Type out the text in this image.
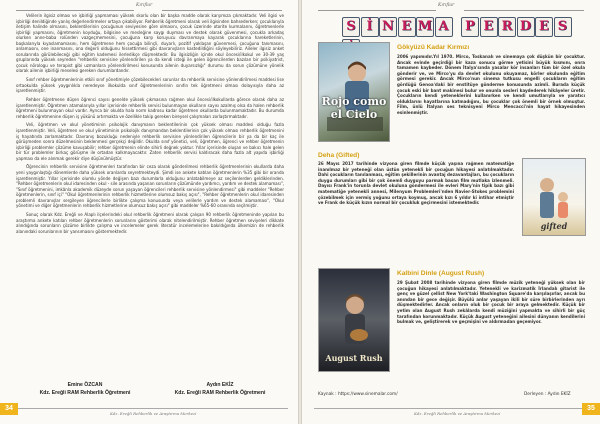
Kırıflar

Velilerin ilgisiz olması ve işbirliği yapmaması yüksek skorlu olan bir başka madde olarak karşımıza çıkmaktadır. Veli ilgisi ve işbirliği denildiğinde yanlış değerlendirmeler ortaya çıkabiliyor. Rehberlik öğretmeni olarak veli ilgisinden bahsederken; çocuklarıyla iletişim halinde olmasını, beklentilerinin çocuğunun seviyesine göre olmasını, çocuk üzerinde otorite kurmalarını, öğretmenlerle işbirliği yapmasını, öğretmenin koyduğu, bilgisine ve mesleğine saygı duyması ve destek olarak güvenmesi, çocukla arkadaş olurken anne-baba rolünden vazgeçmemesini, çocuğuna karşı koruyucu davranmaya kayarak çocuklarına hareketlerinin, başkalarıyla kıyaslamamasını, hem öğretmene hem çocuğa bilinçli, duyarlı, pozitif yaklaşan güvenmesi, çocuğuna tanımasını, anlamasını, one inanmasını, ona değerli olduğunu hissettirmesi gibi davranışların kastedildiğini söyleyebiliriz. Aileler ilgisiz anket sorularında görülebileceği gibi eğitim kademesi ilerledikçe düşmektedir. Bu ilgisizliğin içinde okul öncesi/ilkokul ve 30-39 yaş gruplarında yüksek seyreden "rehberlik servisine yönlendirilen ya da kendi isteği ile gelen öğrencilerden bazıları bir psikiyatrist, çocuk nörologu ve terapist gibi uzmanlara yönlendirilmesi konusunda ailenin duyarsızlığı" durumu da sorun çözümüne yönelik olarak ailenin işbirliği meselesi gereken durumlardandır.

Sınıf rehber öğretmenlerinin etkili sınıf yönetimiyle çözebilecekleri sorunlar da rehberlik servisine yönlendirilmesi maddesi lise ortaokulda yüksek yaygınlıkla neredeyse ilkokulda sınıf öğretmenlerinin sınıfın tek öğretmeni olması dolayısıyla daha az işaretlenmiştir.

Rehber öğretmene düşen öğrenci sayısı genelde yüksek çıkmasına rağmen okul öncesi/ilkokullarda görece olarak daha az işaretlenmiştir. Öğretmen atamalarıyla yıllar içerisinde rehberlik servisi bulunmayan okulların sayısı azalmış olsa da halen rehberlik öğretmeni bulunmayan okul vardır. Ayrıca bir okulda hala norm kadrosu kadar öğretmen okullarda bulunmamaktadır. Bu durumda rehberlik öğretmenine düşen iş yükünü artırmakta ve özellikle takip gereken bireysel çalışmaları zorlaştırmaktadır.

Veli, öğretmen ve okul yönetiminin psikolojik danışmanın beklentilerinin çok yüksek olması maddesi olduğu fazla işaretlenmiştir. Veli, öğretmen ve okul yönetiminin psikolojik danışmandan beklentilerinin çok yüksek olması rehberlik öğretmenini iş hayatında zorlamaktadır. Davranış bozukluğu nedeniyle rehberlik servisine yönlendirilen öğrencilerin bir ya da bir kaç ile görüşmeden sonra düzelmesinin beklenmesi gerçekçi değildir. Okulda sınıf yönetici, veli, öğretmen, öğrenci ve rehber öğretmenin işbirliği problemler çözüme kavuşabilir; rehber öğretmenin elinde sihirli değnek yoktur. Yıllar içerisinde oluşan ve bakıcı hale gelen bir tür problemler birkaç görüşme ile ortadan kalkmayacaktır. Zaten rehberlik servisi kaldıracak daha fazla alt yapıda işbirliği yapması da ele alınmak gerekir diye düşünülmüştür.

Öğrencinin rehberlik servisine öğretmenleri tarafından bir ceza olarak gönderilmesi rehberlik öğretmenlerinin okullarda daha yeni yaygınlaştığı dönemlerde daha yüksek oranlarda seyretmekteydi. Şimdi ise ankete katılan öğretmenlerin %35 gibi bir oranda işaretlenmiştir. Yıllar içerisinde olumlu yönde değişen bazı durumlarla olduğunu anlatabilmeye az seçilenlerden geldiklerinden. "Rehber öğretmenlerin okul idaresinden okul - sile arasında yaşanan sorunların çözümünde yardımcı, yardım ve destek alamaması", "Sınıf öğretmenini, imkânla akademik düzeyde sorun yaşayan öğrencileri rehberlik servisine yönlendirmesi" gibi maddeler "Rehber öğretmenlerin, sınıf içi" "Okul öğretmenlerinin rehberlik hizmetlerine olumsuz bakış açısı", "Rehber öğretmenlerin okul idaresinden problemli davranışlar sergileyen öğrencilerle birlikte çalışma konusunda veya velilerle yardım ve destek alamaması", "Okul yönetimi ve diğer öğretmenlerin rehberlik hizmetlerine olumsuz bakış açısı" gibi maddeler %65-60 oranında seçilmiştir.

Sonuç olarak Kdz. Ereğli ve Alaplı ilçelerindeki okul rehberlik öğretmeni olarak çalışan 90 rehberlik öğretmeninde yapılan bu araştırma ankete katılan rehber öğretmenlerin sorunlarını gösterimi olarak nitelendirilmiştir. Rehber öğretmen seviyeleri dikkate alındığında sorunların çözüme birlikte çalışma ve incelemeler gerek literatür incelemelerine bakıldığında ülkemizin de rehberlik alanındaki sorunlarının bir yansımasını göstermektedir.

Emine ÖZCAN
Kdz. Ereğli RAM Rehberlik Öğretmeni
Aydın EKİZ
Kdz. Ereğli RAM Rehberlik Öğretmeni
34
Kdz. Ereğli Rehberlik ve Araştırma Merkezi
Kırıflar
S İ N E M A P E R D E S
Rojo como el Cielo
Gökyüzü Kadar Kırmızı
2006 yapımıdır.Yıl 1970. Mirco, Toskanalı ve sinemaya çok düşkün bir çocuktur. Ancak evinde geçirdiği bir kaza sonucu görme yetisini büyük kısmını, onra tamamen kaybeder. Dönem İtalya'sında yasalar kör insanları tüm bir özel okula gönderir ve, ve Mirco'yu da devlet okulunu okuyamaz, körler okulunda eğitim görmesi gerekir. Ancak Mirco'nun sinema tutkusu engelli çocukların eğitim gördüğü Genoa'daki bir enstitüye gönderme konusunda azimli. Burada küçük çocuk eski bir bant makinesi bulur ve onunla sesleri kaydederek hikâyeler üretir. Çocukların kendi yeteneklerini kullanırken ve kendi umutlarıyla ve yaratıcı olduklarını hayatlarına katmadığını, bu çocuklar çok önemli bir örnek olmuştur. Film, ünlü İtalyan ses teknisyeni Mirco Mencacci'nin hayat hikayesinden esinlenmiştir.
Deha (Gifted)
26 Mayıs 2017 tarihinde vizyona giren filmde küçük yaşına rağmen matematiğe inanılmaz bir yeteneği olan üstün yetenekli bir çocuğun hikayesi anlatılmaktadır. Dahi çocukların tanılanması, eğitim şekillerinin avantaj dezavantajları, bu çocukların duygu durumları gibi bir çok önemli duyguyu parmak basan film mutlaka izlenmeli. Dayısı Frank'in torunla devlet okuluna göndermesi ile evleri Mary'nin tipik bazı gibi matematiğe yetenekli annesi, Milenyum Problemleri'nden Navier-Stokes problemini çözebilmek için vermiş yoğunu ortaya koymuş, ancak kızı 6 yıldır ki intihar etmiştir ve Frank de küçük kızın normal bir çocukluk geçirmesini istemektedir.
gifted
August Rush
Kalbini Dinle (August Rush)
29 Şubat 2008 tarihinde vizyona giren filmde müzik yeteneği yüksek olan bir çocuğun hikayesi anlatılmaktadır. Yetenekli ve karizmatik İrlandalı gitarist ile genç ve güzel çellist New York'taki Washington Square'da karşılaşırlar, ancak bu anından bir gece değişir. Büyülü anlar yaşayan ikili bir süre birbirlerinden ayrı düşmektedirler. Ancak onların oluk bir çocuk bir araya gelmektedir. Küçük bir yetim olan August Rush zekâlarda kendi müziğini yapmakta ve sihirli bir güç tarafından korunmaktadır. Küçük August yeteneğini ailesini dünyanın kendilerini bulmak ve, geliştirerek ve geçmişini ve aldırmadan geçemiyor.
Kaynak : https://www.sinemalar.com/	Derleyen : Aydın EKİZ
Kdz. Ereğli Rehberlik ve Araştırma Merkezi
35
